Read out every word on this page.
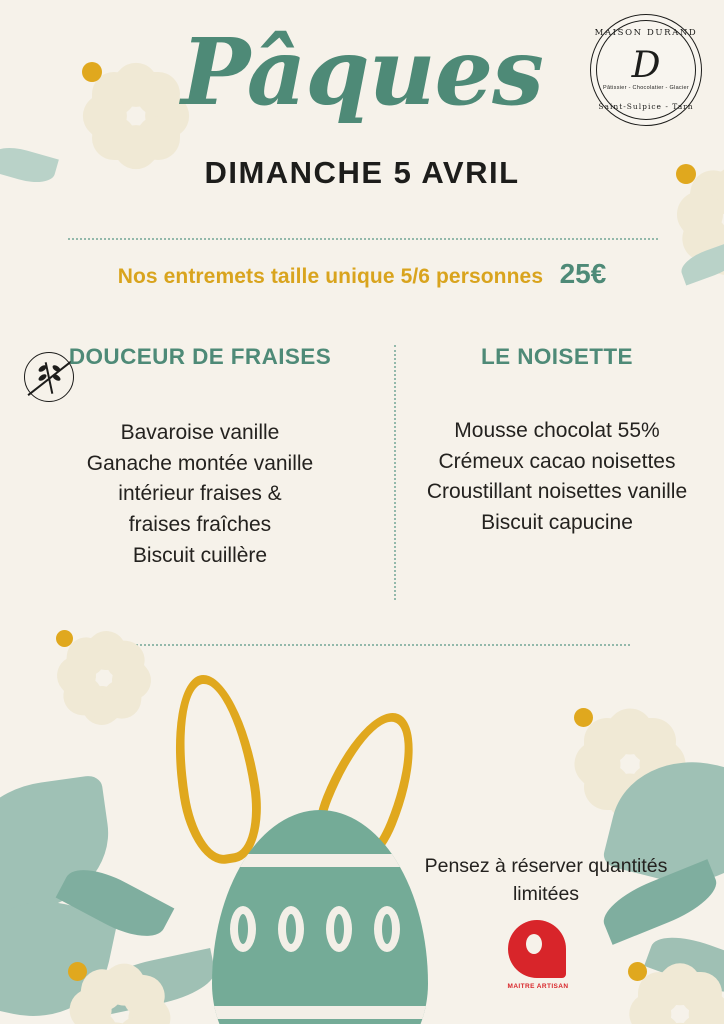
Pâques
DIMANCHE 5 AVRIL
MAISON DURAND
D
Pâtissier - Chocolatier - Glacier
Saint-Sulpice - Tarn
Nos entremets taille unique 5/6 personnes 25€
DOUCEUR DE FRAISES
Bavaroise vanille
Ganache montée vanille
intérieur fraises &
fraises fraîches
Biscuit cuillère
LE NOISETTE
Mousse chocolat 55%
Crémeux cacao noisettes
Croustillant noisettes vanille
Biscuit capucine
Pensez à réserver quantités limitées
MAITRE ARTISAN
